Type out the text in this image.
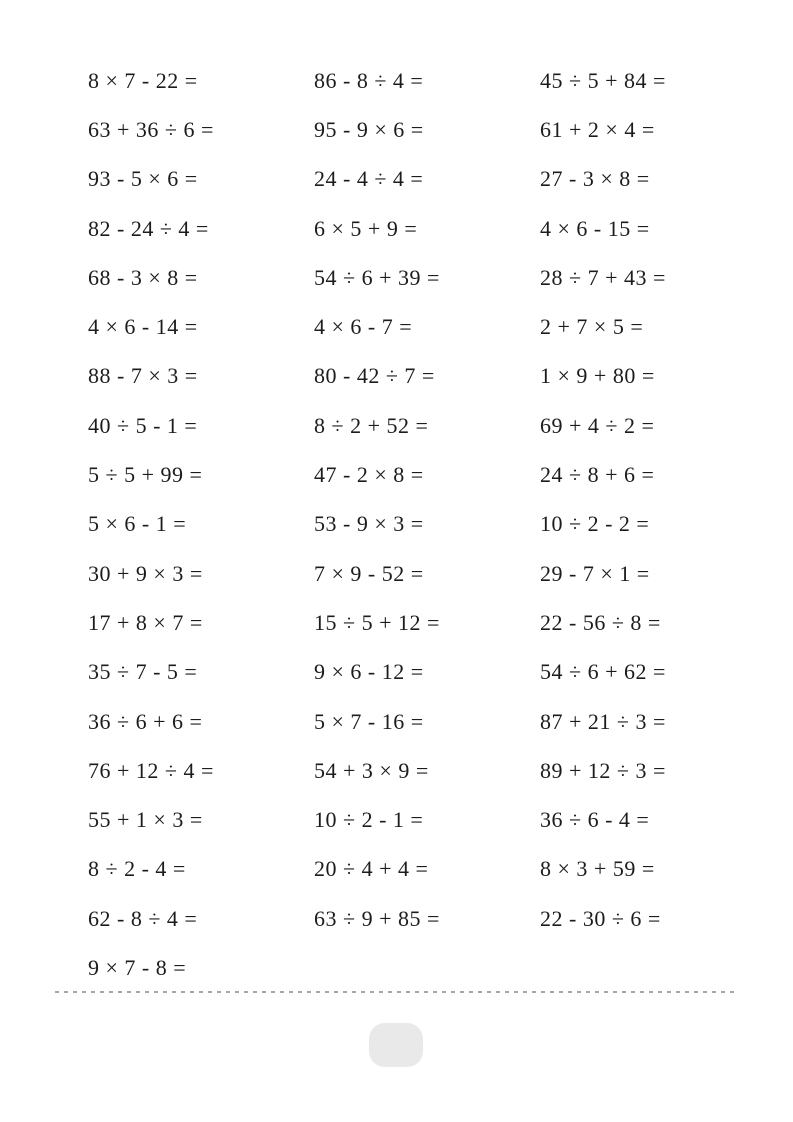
8 × 7 - 22 =
63 + 36 ÷ 6 =
93 - 5 × 6 =
82 - 24 ÷ 4 =
68 - 3 × 8 =
4 × 6 - 14 =
88 - 7 × 3 =
40 ÷ 5 - 1 =
5 ÷ 5 + 99 =
5 × 6 - 1 =
30 + 9 × 3 =
17 + 8 × 7 =
35 ÷ 7 - 5 =
36 ÷ 6 + 6 =
76 + 12 ÷ 4 =
55 + 1 × 3 =
8 ÷ 2 - 4 =
62 - 8 ÷ 4 =
9 × 7 - 8 =
86 - 8 ÷ 4 =
95 - 9 × 6 =
24 - 4 ÷ 4 =
6 × 5 + 9 =
54 ÷ 6 + 39 =
4 × 6 - 7 =
80 - 42 ÷ 7 =
8 ÷ 2 + 52 =
47 - 2 × 8 =
53 - 9 × 3 =
7 × 9 - 52 =
15 ÷ 5 + 12 =
9 × 6 - 12 =
5 × 7 - 16 =
54 + 3 × 9 =
10 ÷ 2 - 1 =
20 ÷ 4 + 4 =
63 ÷ 9 + 85 =
45 ÷ 5 + 84 =
61 + 2 × 4 =
27 - 3 × 8 =
4 × 6 - 15 =
28 ÷ 7 + 43 =
2 + 7 × 5 =
1 × 9 + 80 =
69 + 4 ÷ 2 =
24 ÷ 8 + 6 =
10 ÷ 2 - 2 =
29 - 7 × 1 =
22 - 56 ÷ 8 =
54 ÷ 6 + 62 =
87 + 21 ÷ 3 =
89 + 12 ÷ 3 =
36 ÷ 6 - 4 =
8 × 3 + 59 =
22 - 30 ÷ 6 =
